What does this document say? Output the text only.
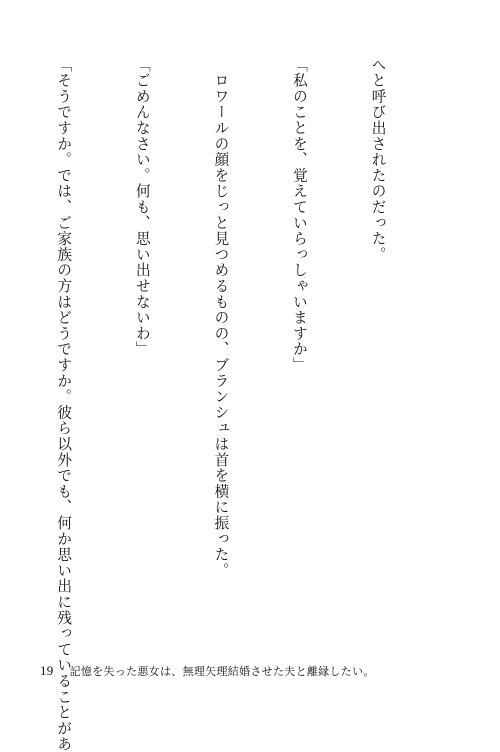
へと呼び出されたのだった。

「私のことを、覚えていらっしゃいますか」

　ロワールの顔をじっと見つめるものの、ブランシュは首を横に振った。

「ごめんなさい。何も、思い出せないわ」

「そうですか。では、ご家族の方はどうですか。彼ら以外でも、何か思い出に残っていることがあ

19 記憶を失った悪女は、無理矢理結婚させた夫と離縁したい。
